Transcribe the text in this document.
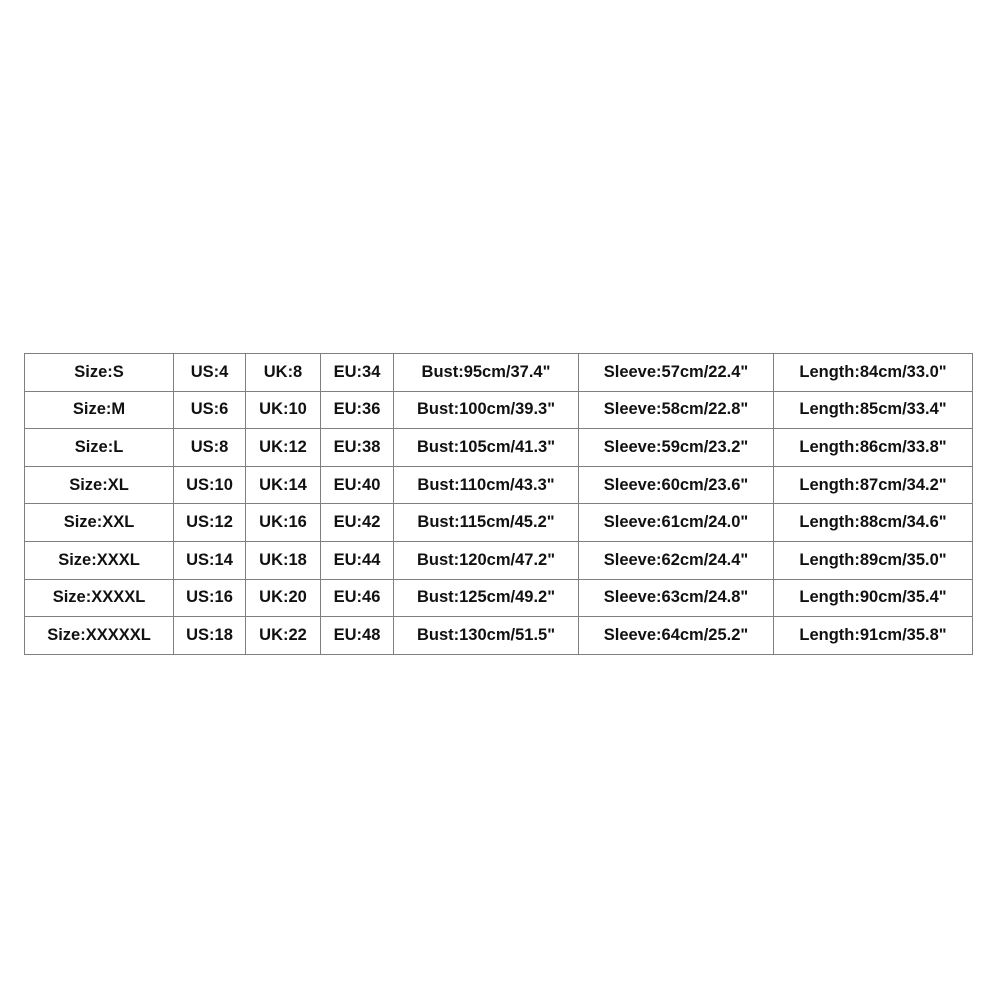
Size:S	US:4	UK:8	EU:34	Bust:95cm/37.4"	Sleeve:57cm/22.4"	Length:84cm/33.0"
Size:M	US:6	UK:10	EU:36	Bust:100cm/39.3"	Sleeve:58cm/22.8"	Length:85cm/33.4"
Size:L	US:8	UK:12	EU:38	Bust:105cm/41.3"	Sleeve:59cm/23.2"	Length:86cm/33.8"
Size:XL	US:10	UK:14	EU:40	Bust:110cm/43.3"	Sleeve:60cm/23.6"	Length:87cm/34.2"
Size:XXL	US:12	UK:16	EU:42	Bust:115cm/45.2"	Sleeve:61cm/24.0"	Length:88cm/34.6"
Size:XXXL	US:14	UK:18	EU:44	Bust:120cm/47.2"	Sleeve:62cm/24.4"	Length:89cm/35.0"
Size:XXXXL	US:16	UK:20	EU:46	Bust:125cm/49.2"	Sleeve:63cm/24.8"	Length:90cm/35.4"
Size:XXXXXL	US:18	UK:22	EU:48	Bust:130cm/51.5"	Sleeve:64cm/25.2"	Length:91cm/35.8"
